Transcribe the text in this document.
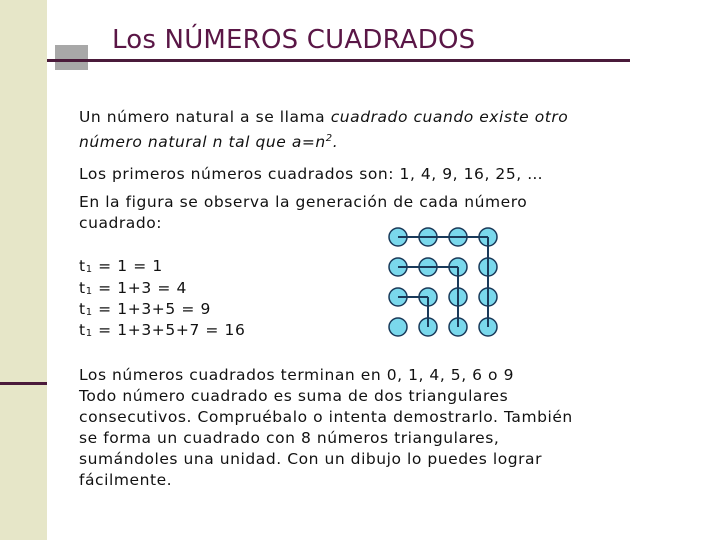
Los NÚMEROS CUADRADOS
Un número natural a se llama cuadrado cuando existe otro
número natural n tal que $a=n^2$.
Los primeros números cuadrados son: 1, 4, 9, 16, 25, …
En la figura se observa la generación de cada número
cuadrado:
$t_1 = 1 = 1$
$t_1 = 1+3 = 4$
$t_1 = 1+3+5 = 9$
$t_1 = 1+3+5+7 = 16$
Los números cuadrados terminan en 0, 1, 4, 5, 6 o 9
Todo número cuadrado es suma de dos triangulares
consecutivos. Compruébalo o intenta demostrarlo. También
se forma un cuadrado con 8 números triangulares,
sumándoles una unidad. Con un dibujo lo puedes lograr
fácilmente.
